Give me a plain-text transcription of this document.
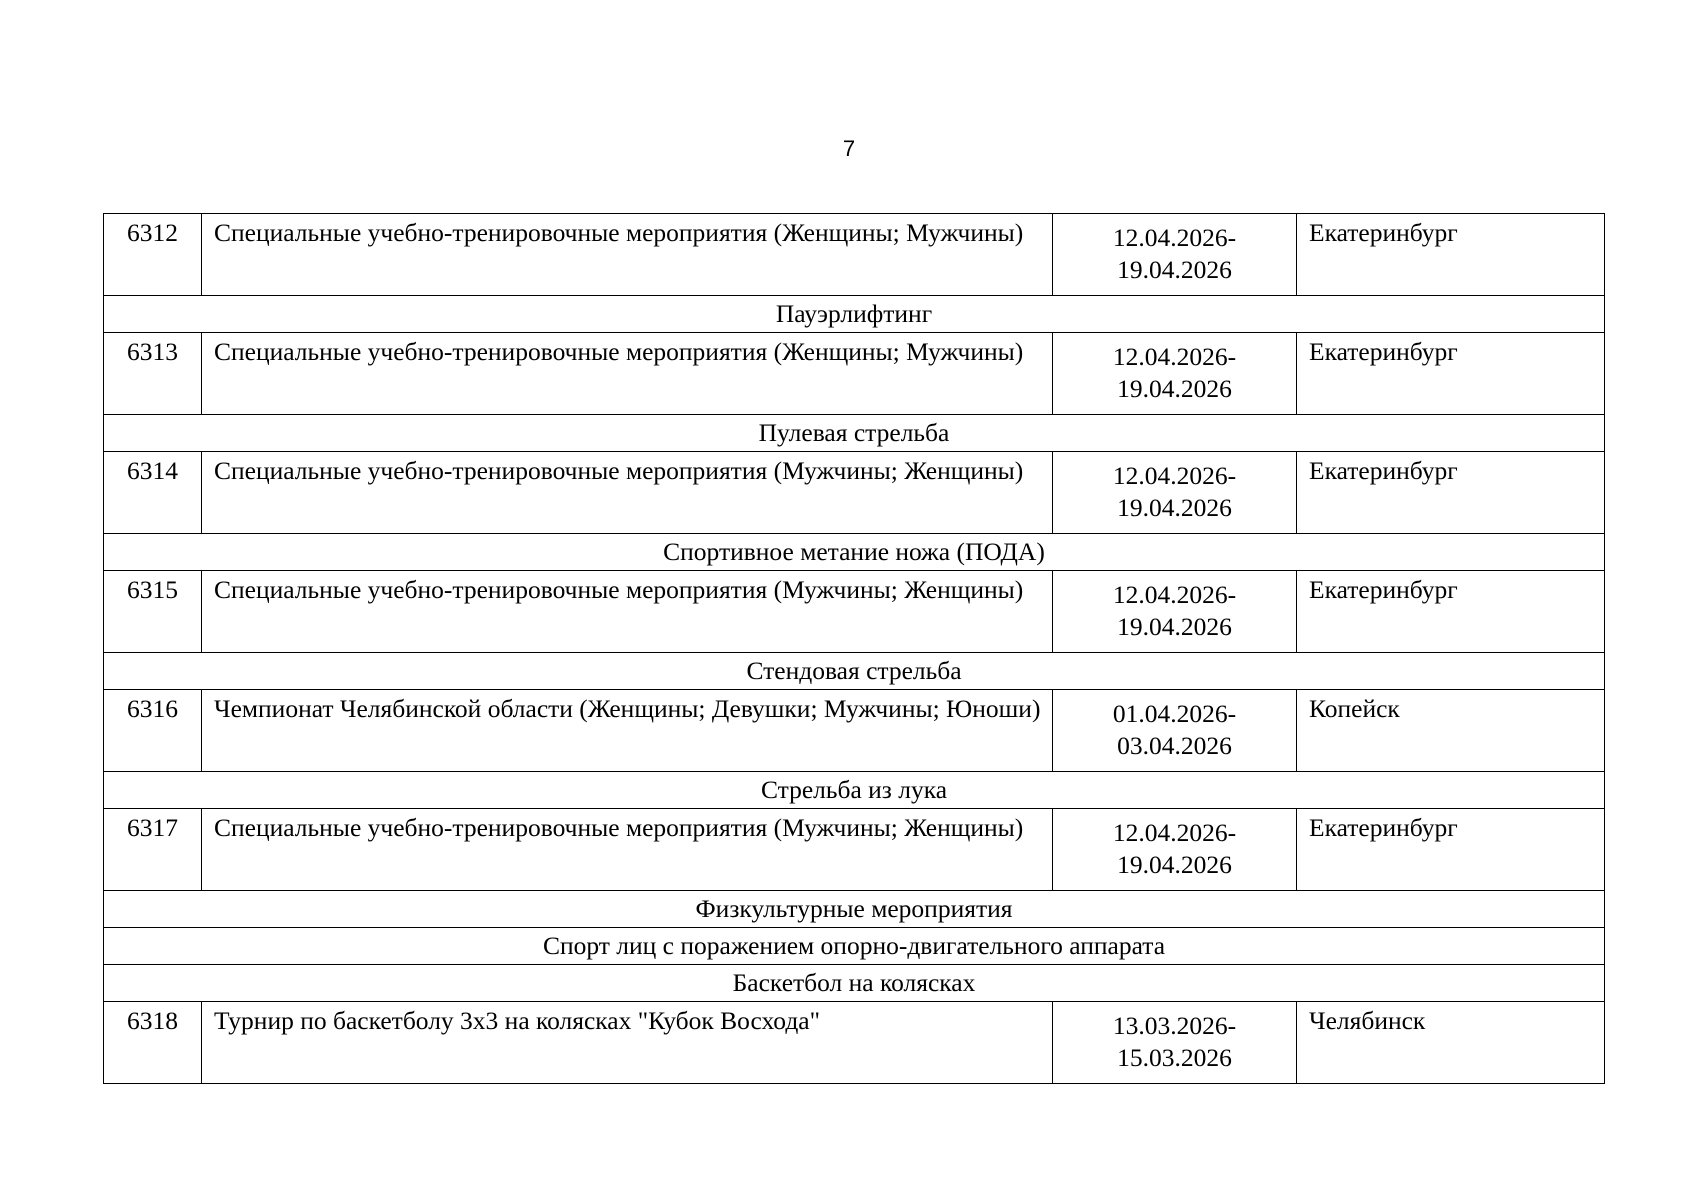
7
6312	Специальные учебно-тренировочные мероприятия (Женщины; Мужчины)	12.04.2026-
19.04.2026	Екатеринбург
Пауэрлифтинг			
6313	Специальные учебно-тренировочные мероприятия (Женщины; Мужчины)	12.04.2026-
19.04.2026	Екатеринбург
Пулевая стрельба			
6314	Специальные учебно-тренировочные мероприятия (Мужчины; Женщины)	12.04.2026-
19.04.2026	Екатеринбург
Спортивное метание ножа (ПОДА)			
6315	Специальные учебно-тренировочные мероприятия (Мужчины; Женщины)	12.04.2026-
19.04.2026	Екатеринбург
Стендовая стрельба			
6316	Чемпионат Челябинской области (Женщины; Девушки; Мужчины; Юноши)	01.04.2026-
03.04.2026	Копейск
Стрельба из лука			
6317	Специальные учебно-тренировочные мероприятия (Мужчины; Женщины)	12.04.2026-
19.04.2026	Екатеринбург
Физкультурные мероприятия			
Спорт лиц с поражением опорно-двигательного аппарата			
Баскетбол на колясках			
6318	Турнир по баскетболу 3х3 на колясках "Кубок Восхода"	13.03.2026-
15.03.2026	Челябинск
